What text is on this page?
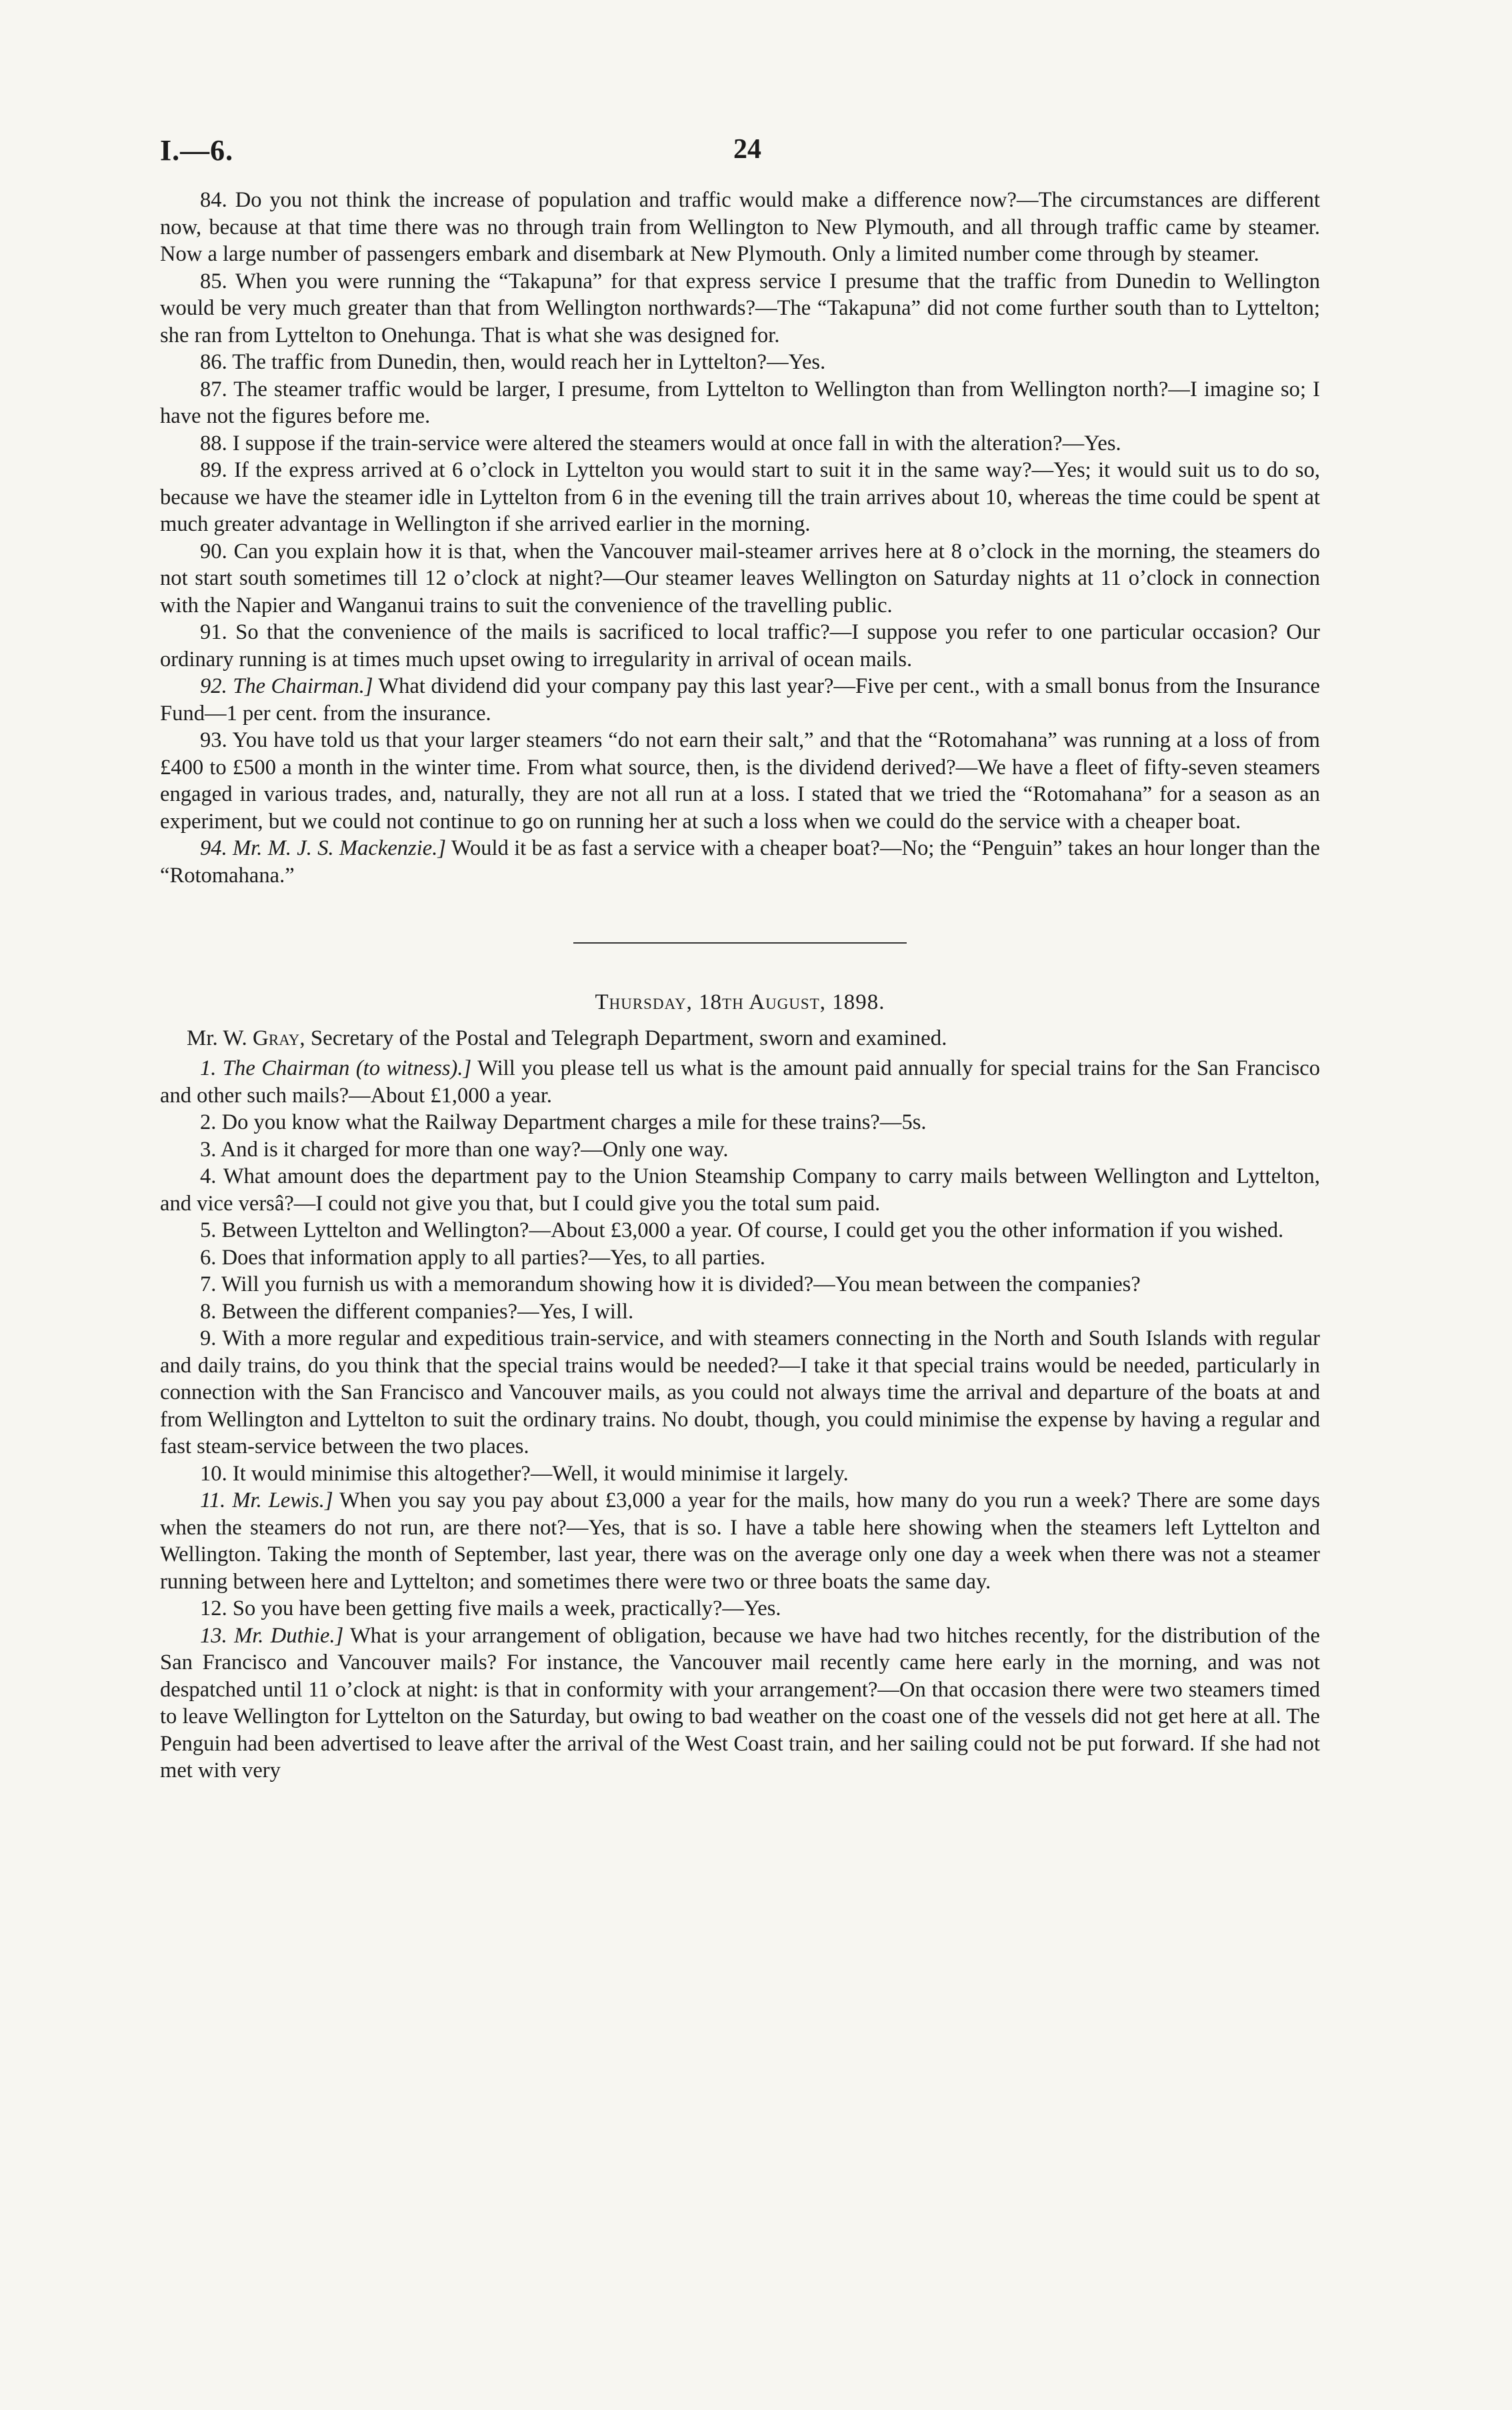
I.—6.	24

84. Do you not think the increase of population and traffic would make a difference now?—The circumstances are different now, because at that time there was no through train from Wellington to New Plymouth, and all through traffic came by steamer. Now a large number of passengers embark and disembark at New Plymouth. Only a limited number come through by steamer.

85. When you were running the “Takapuna” for that express service I presume that the traffic from Dunedin to Wellington would be very much greater than that from Wellington northwards?—The “Takapuna” did not come further south than to Lyttelton; she ran from Lyttelton to Onehunga. That is what she was designed for.

86. The traffic from Dunedin, then, would reach her in Lyttelton?—Yes.

87. The steamer traffic would be larger, I presume, from Lyttelton to Wellington than from Wellington north?—I imagine so; I have not the figures before me.

88. I suppose if the train-service were altered the steamers would at once fall in with the alteration?—Yes.

89. If the express arrived at 6 o’clock in Lyttelton you would start to suit it in the same way?—Yes; it would suit us to do so, because we have the steamer idle in Lyttelton from 6 in the evening till the train arrives about 10, whereas the time could be spent at much greater advantage in Wellington if she arrived earlier in the morning.

90. Can you explain how it is that, when the Vancouver mail-steamer arrives here at 8 o’clock in the morning, the steamers do not start south sometimes till 12 o’clock at night?—Our steamer leaves Wellington on Saturday nights at 11 o’clock in connection with the Napier and Wanganui trains to suit the convenience of the travelling public.

91. So that the convenience of the mails is sacrificed to local traffic?—I suppose you refer to one particular occasion? Our ordinary running is at times much upset owing to irregularity in arrival of ocean mails.

92. The Chairman.] What dividend did your company pay this last year?—Five per cent., with a small bonus from the Insurance Fund—1 per cent. from the insurance.

93. You have told us that your larger steamers “do not earn their salt,” and that the “Rotomahana” was running at a loss of from £400 to £500 a month in the winter time. From what source, then, is the dividend derived?—We have a fleet of fifty-seven steamers engaged in various trades, and, naturally, they are not all run at a loss. I stated that we tried the “Rotomahana” for a season as an experiment, but we could not continue to go on running her at such a loss when we could do the service with a cheaper boat.

94. Mr. M. J. S. Mackenzie.] Would it be as fast a service with a cheaper boat?—No; the “Penguin” takes an hour longer than the “Rotomahana.”

Thursday, 18th August, 1898.

Mr. W. Gray, Secretary of the Postal and Telegraph Department, sworn and examined.

1. The Chairman (to witness).] Will you please tell us what is the amount paid annually for special trains for the San Francisco and other such mails?—About £1,000 a year.

2. Do you know what the Railway Department charges a mile for these trains?—5s.

3. And is it charged for more than one way?—Only one way.

4. What amount does the department pay to the Union Steamship Company to carry mails between Wellington and Lyttelton, and vice versâ?—I could not give you that, but I could give you the total sum paid.

5. Between Lyttelton and Wellington?—About £3,000 a year. Of course, I could get you the other information if you wished.

6. Does that information apply to all parties?—Yes, to all parties.

7. Will you furnish us with a memorandum showing how it is divided?—You mean between the companies?

8. Between the different companies?—Yes, I will.

9. With a more regular and expeditious train-service, and with steamers connecting in the North and South Islands with regular and daily trains, do you think that the special trains would be needed?—I take it that special trains would be needed, particularly in connection with the San Francisco and Vancouver mails, as you could not always time the arrival and departure of the boats at and from Wellington and Lyttelton to suit the ordinary trains. No doubt, though, you could minimise the expense by having a regular and fast steam-service between the two places.

10. It would minimise this altogether?—Well, it would minimise it largely.

11. Mr. Lewis.] When you say you pay about £3,000 a year for the mails, how many do you run a week? There are some days when the steamers do not run, are there not?—Yes, that is so. I have a table here showing when the steamers left Lyttelton and Wellington. Taking the month of September, last year, there was on the average only one day a week when there was not a steamer running between here and Lyttelton; and sometimes there were two or three boats the same day.

12. So you have been getting five mails a week, practically?—Yes.

13. Mr. Duthie.] What is your arrangement of obligation, because we have had two hitches recently, for the distribution of the San Francisco and Vancouver mails? For instance, the Vancouver mail recently came here early in the morning, and was not despatched until 11 o’clock at night: is that in conformity with your arrangement?—On that occasion there were two steamers timed to leave Wellington for Lyttelton on the Saturday, but owing to bad weather on the coast one of the vessels did not get here at all. The Penguin had been advertised to leave after the arrival of the West Coast train, and her sailing could not be put forward. If she had not met with very
